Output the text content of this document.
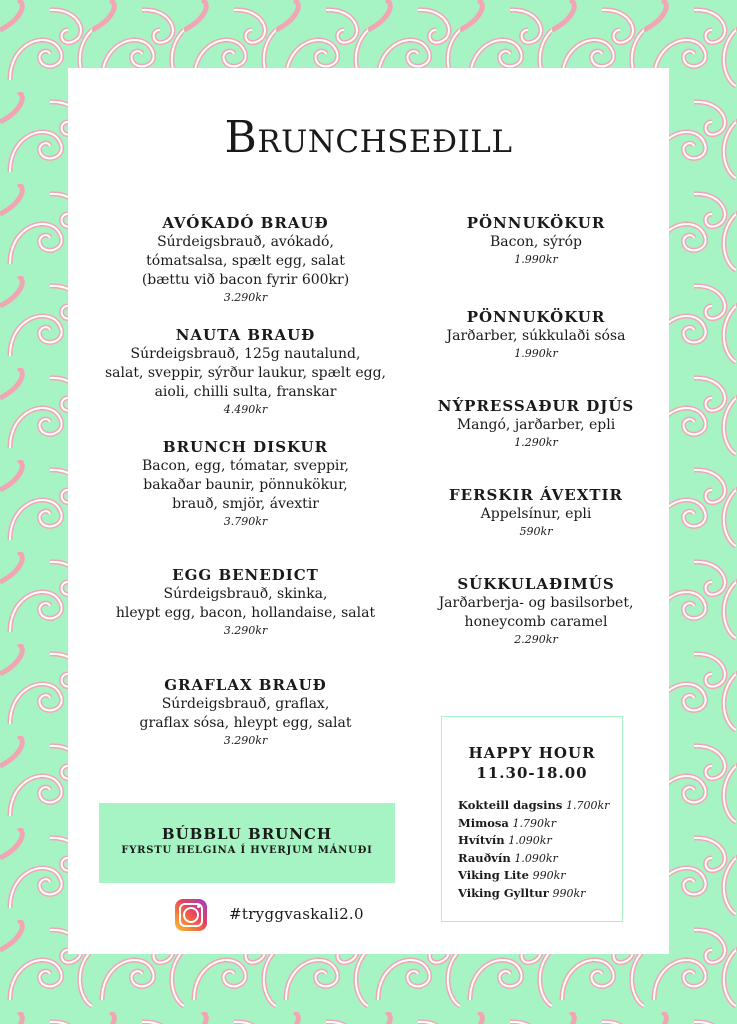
Brunchseðill
AVÓKADÓ BRAUÐ
Súrdeigsbrauð, avókadó,
tómatsalsa, spælt egg, salat
(bættu við bacon fyrir 600kr)
3.290kr
NAUTA BRAUÐ
Súrdeigsbrauð, 125g nautalund,
salat, sveppir, sýrður laukur, spælt egg,
aioli, chilli sulta, franskar
4.490kr
BRUNCH DISKUR
Bacon, egg, tómatar, sveppir,
bakaðar baunir, pönnukökur,
brauð, smjör, ávextir
3.790kr
EGG BENEDICT
Súrdeigsbrauð, skinka,
hleypt egg, bacon, hollandaise, salat
3.290kr
GRAFLAX BRAUÐ
Súrdeigsbrauð, graflax,
graflax sósa, hleypt egg, salat
3.290kr
PÖNNUKÖKUR
Bacon, sýróp
1.990kr
PÖNNUKÖKUR
Jarðarber, súkkulaði sósa
1.990kr
NÝPRESSAÐUR DJÚS
Mangó, jarðarber, epli
1.290kr
FERSKIR ÁVEXTIR
Appelsínur, epli
590kr
SÚKKULAÐIMÚS
Jarðarberja- og basilsorbet,
honeycomb caramel
2.290kr
BÚBBLU BRUNCH
FYRSTU HELGINA Í HVERJUM MÁNUÐI
#tryggvaskali2.0
HAPPY HOUR
11.30-18.00
Kokteill dagsins 1.700kr
Mimosa 1.790kr
Hvítvín 1.090kr
Rauðvín 1.090kr
Viking Lite 990kr
Viking Gylltur 990kr
